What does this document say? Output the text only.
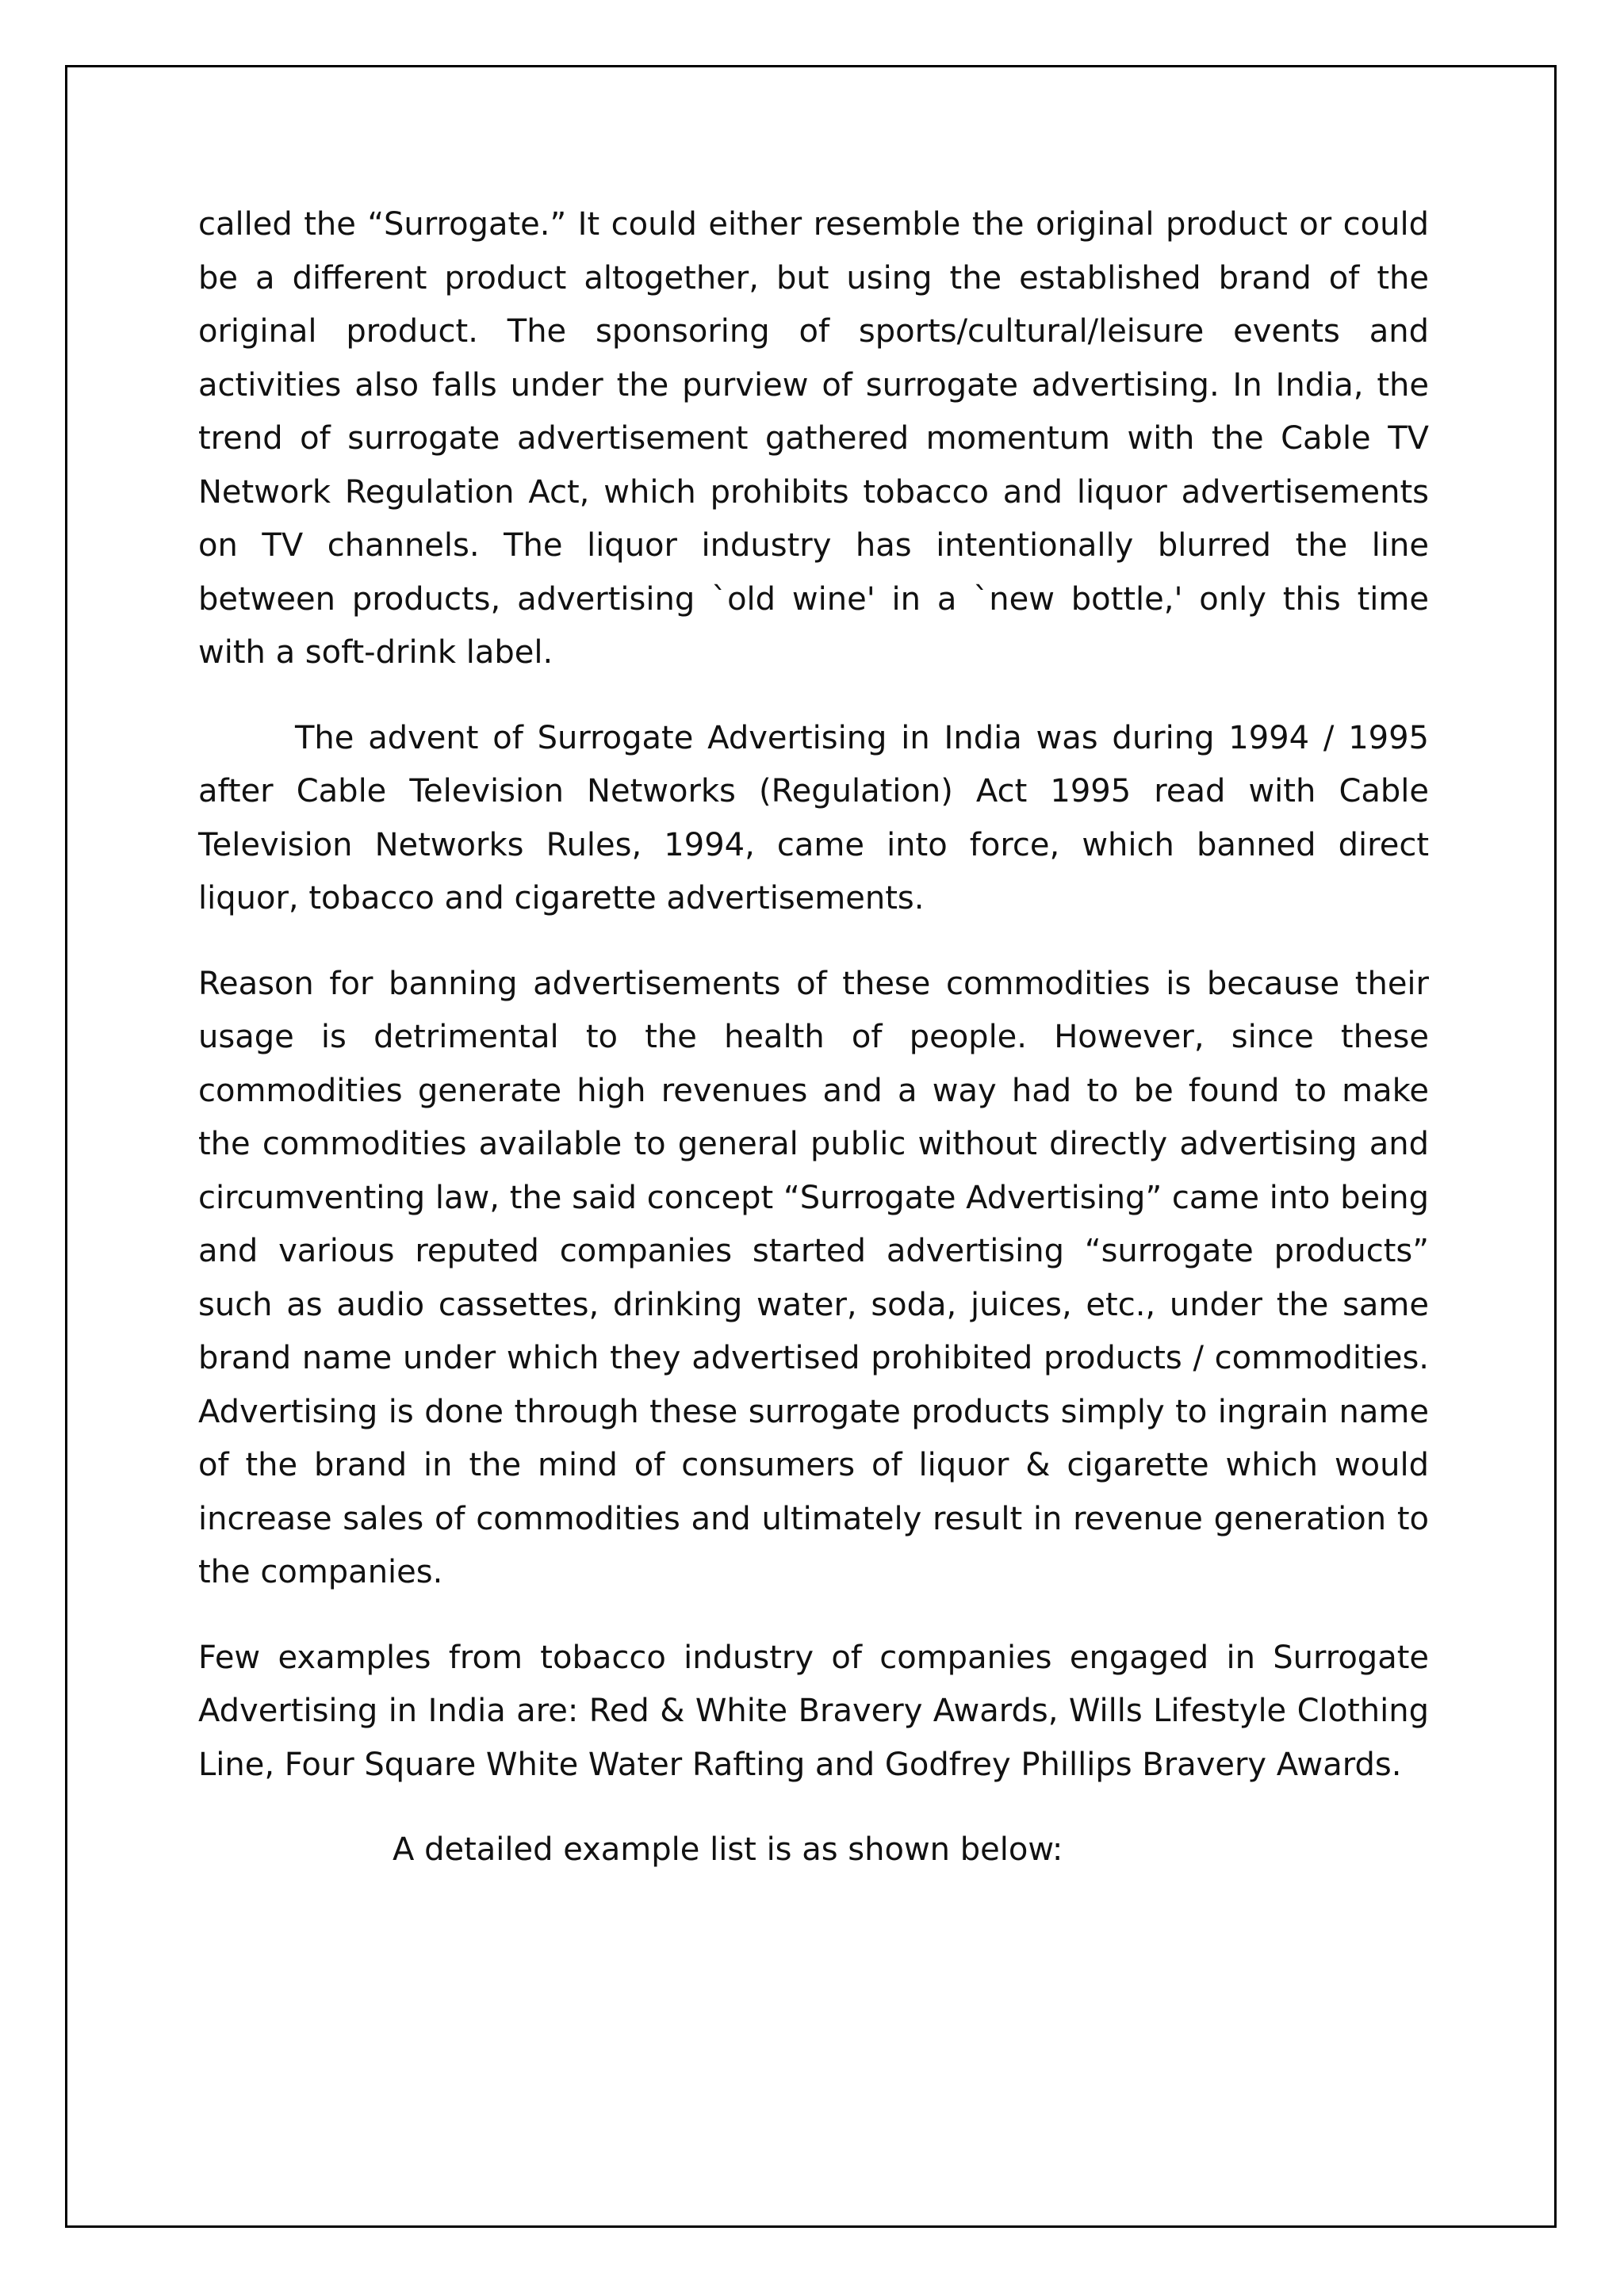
called the “Surrogate.” It could either resemble the original product or could be a different product altogether, but using the established brand of the original product. The sponsoring of sports/cultural/leisure events and activities also falls under the purview of surrogate advertising. In India, the trend of surrogate advertisement gathered momentum with the Cable TV Network Regulation Act, which prohibits tobacco and liquor advertisements on TV channels. The liquor industry has intentionally blurred the line between products, advertising `old wine' in a `new bottle,' only this time with a soft-drink label.

The advent of Surrogate Advertising in India was during 1994 / 1995 after Cable Television Networks (Regulation) Act 1995 read with Cable Television Networks Rules, 1994, came into force, which banned direct liquor, tobacco and cigarette advertisements.

Reason for banning advertisements of these commodities is because their usage is detrimental to the health of people. However, since these commodities generate high revenues and a way had to be found to make the commodities available to general public without directly advertising and circumventing law, the said concept “Surrogate Advertising” came into being and various reputed companies started advertising “surrogate products” such as audio cassettes, drinking water, soda, juices, etc., under the same brand name under which they advertised prohibited products / commodities. Advertising is done through these surrogate products simply to ingrain name of the brand in the mind of consumers of liquor & cigarette which would increase sales of commodities and ultimately result in revenue generation to the companies.

Few examples from tobacco industry of companies engaged in Surrogate Advertising in India are: Red & White Bravery Awards, Wills Lifestyle Clothing Line, Four Square White Water Rafting and Godfrey Phillips Bravery Awards.

A detailed example list is as shown below:
